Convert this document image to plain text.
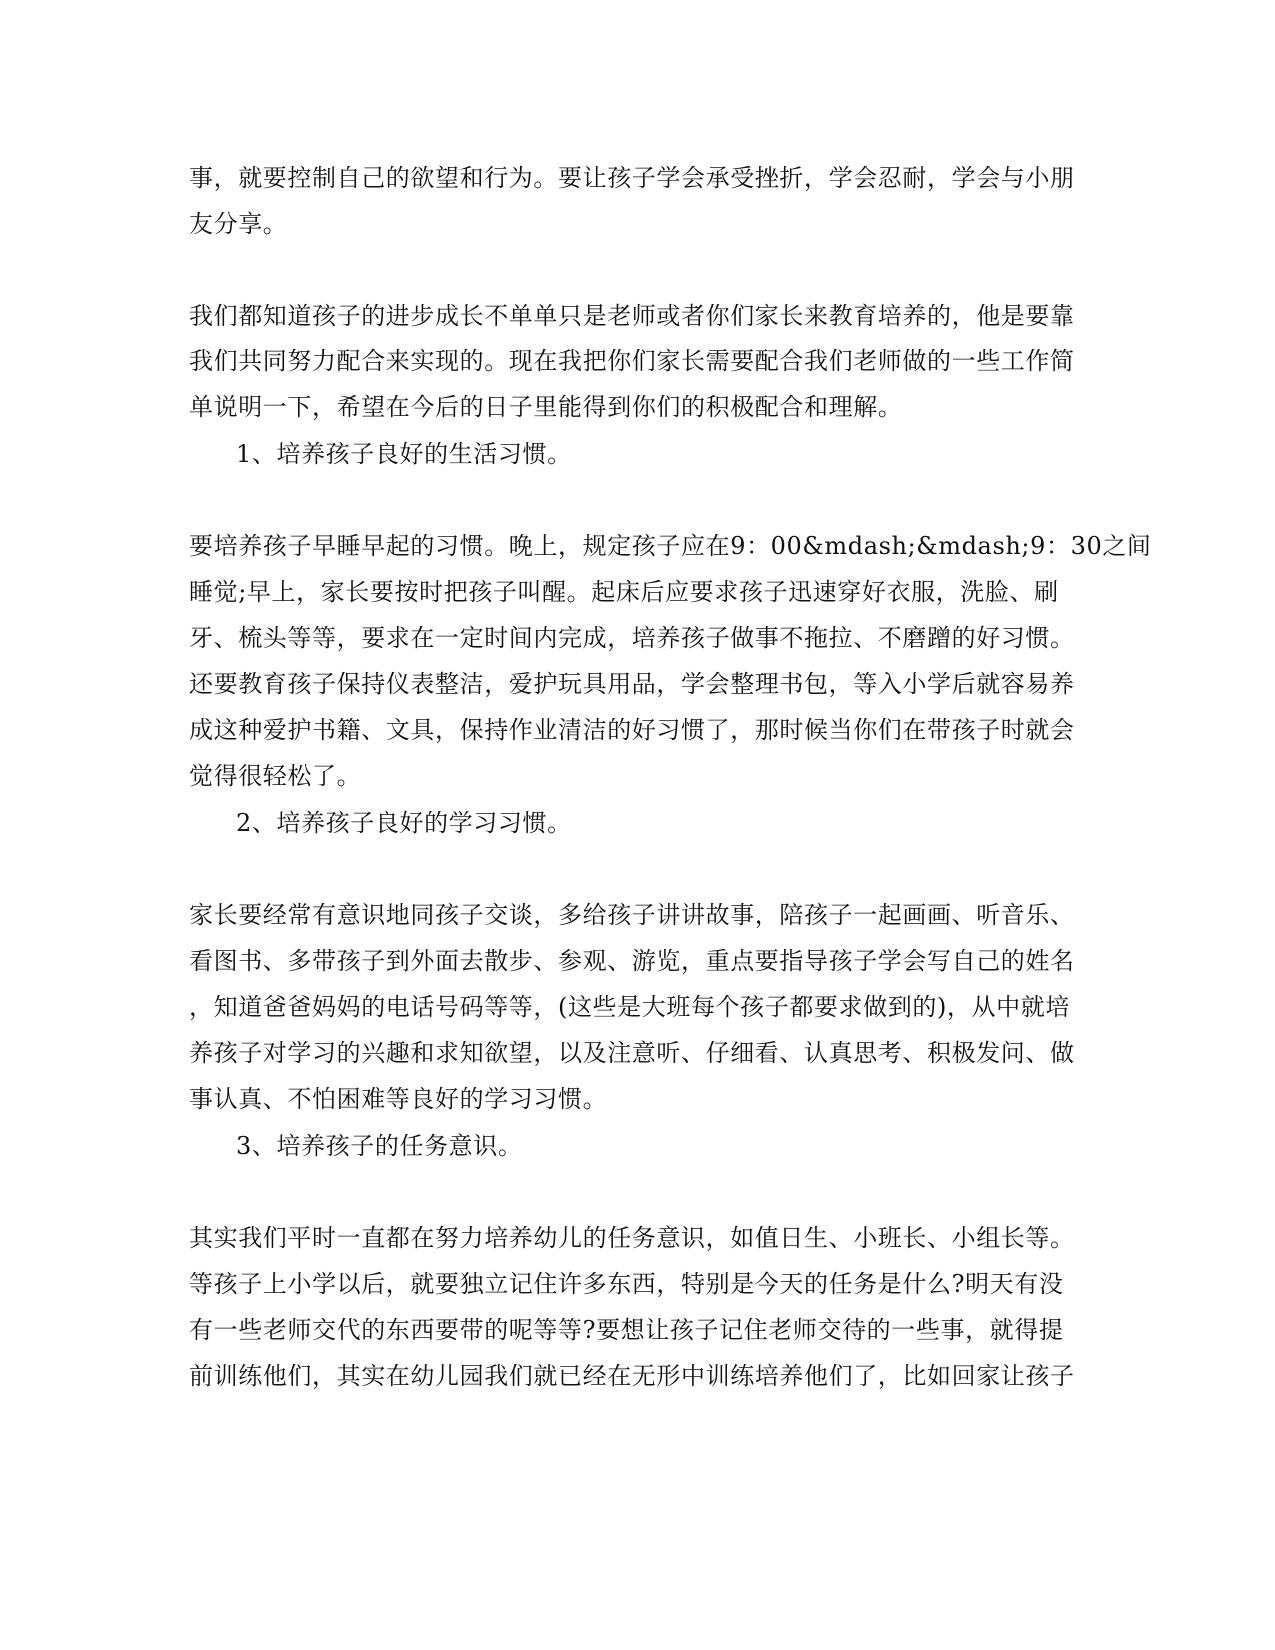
事，就要控制自己的欲望和行为。要让孩子学会承受挫折，学会忍耐，学会与小朋
友分享。
我们都知道孩子的进步成长不单单只是老师或者你们家长来教育培养的，他是要靠
我们共同努力配合来实现的。现在我把你们家长需要配合我们老师做的一些工作简
单说明一下，希望在今后的日子里能得到你们的积极配合和理解。
1、培养孩子良好的生活习惯。
要培养孩子早睡早起的习惯。晚上，规定孩子应在9：00&mdash;&mdash;9：30之间
睡觉;早上，家长要按时把孩子叫醒。起床后应要求孩子迅速穿好衣服，洗脸、刷
牙、梳头等等，要求在一定时间内完成，培养孩子做事不拖拉、不磨蹭的好习惯。
还要教育孩子保持仪表整洁，爱护玩具用品，学会整理书包，等入小学后就容易养
成这种爱护书籍、文具，保持作业清洁的好习惯了，那时候当你们在带孩子时就会
觉得很轻松了。
2、培养孩子良好的学习习惯。
家长要经常有意识地同孩子交谈，多给孩子讲讲故事，陪孩子一起画画、听音乐、
看图书、多带孩子到外面去散步、参观、游览，重点要指导孩子学会写自己的姓名
，知道爸爸妈妈的电话号码等等，(这些是大班每个孩子都要求做到的)，从中就培
养孩子对学习的兴趣和求知欲望，以及注意听、仔细看、认真思考、积极发问、做
事认真、不怕困难等良好的学习习惯。
3、培养孩子的任务意识。
其实我们平时一直都在努力培养幼儿的任务意识，如值日生、小班长、小组长等。
等孩子上小学以后，就要独立记住许多东西，特别是今天的任务是什么?明天有没
有一些老师交代的东西要带的呢等等?要想让孩子记住老师交待的一些事，就得提
前训练他们，其实在幼儿园我们就已经在无形中训练培养他们了，比如回家让孩子
